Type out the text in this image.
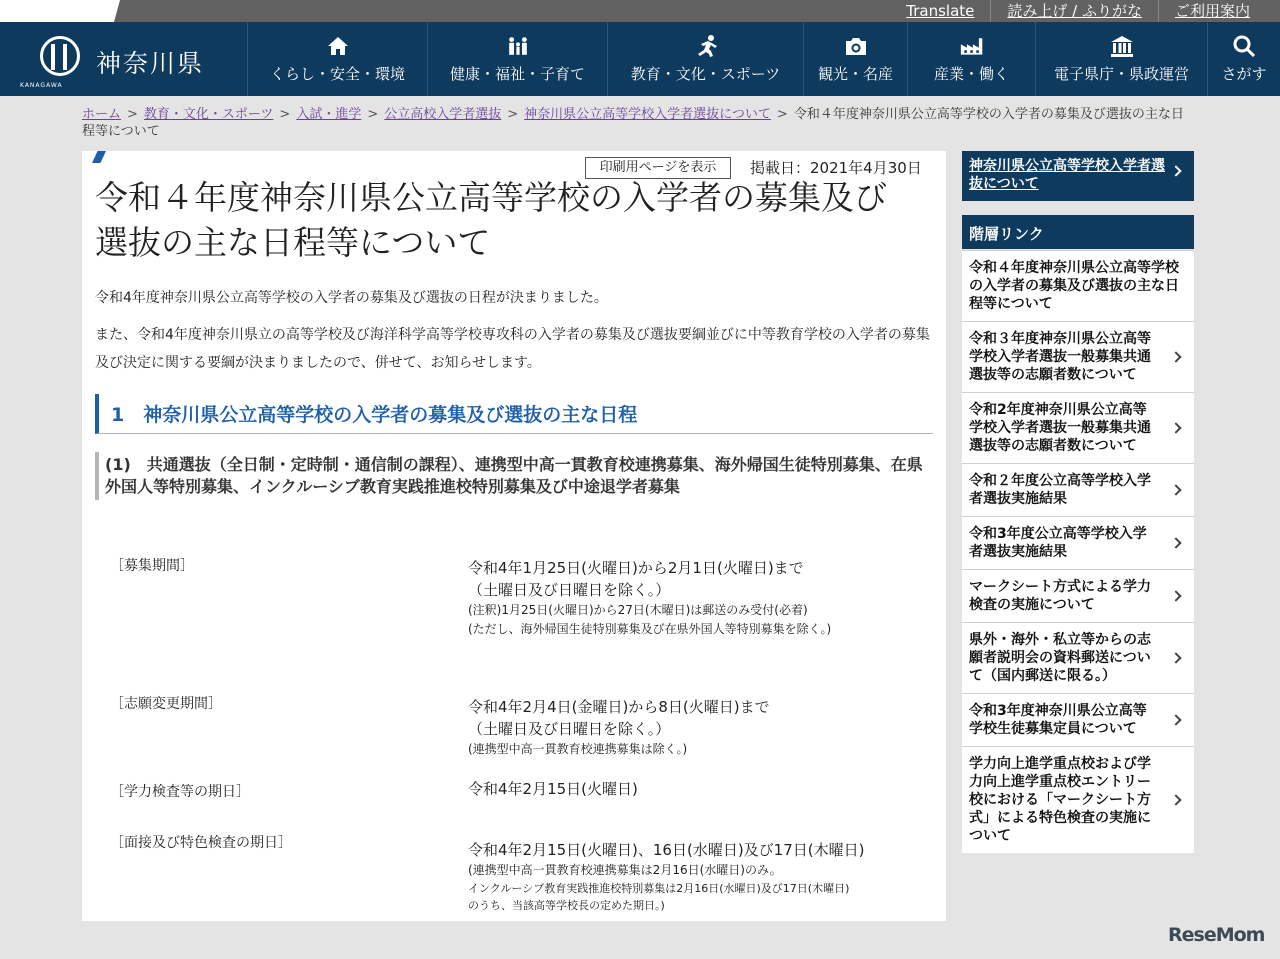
Translate	読み上げ / ふりがな	ご利用案内
KANAGAWA
神奈川県	くらし・安全・環境	健康・福祉・子育て	教育・文化・スポーツ	観光・名産	産業・働く	電子県庁・県政運営 さがす
ホーム > 教育・文化・スポーツ > 入試・進学 > 公立高校入学者選抜 > 神奈川県公立高等学校入学者選抜について > 令和４年度神奈川県公立高等学校の入学者の募集及び選抜の主な日程等について
印刷用ページを表示	掲載日：2021年4月30日
令和４年度神奈川県公立高等学校の入学者の募集及び選抜の主な日程等について

令和4年度神奈川県公立高等学校の入学者の募集及び選抜の日程が決まりました。

また、令和4年度神奈川県立の高等学校及び海洋科学高等学校専攻科の入学者の募集及び選抜要綱並びに中等教育学校の入学者の募集及び決定に関する要綱が決まりましたので、併せて、お知らせします。

1　神奈川県公立高等学校の入学者の募集及び選抜の主な日程
(1)　共通選抜（全日制・定時制・通信制の課程）、連携型中高一貫教育校連携募集、海外帰国生徒特別募集、在県外国人等特別募集、インクルーシブ教育実践推進校特別募集及び中途退学者募集
［募集期間］	令和4年1月25日(火曜日)から2月1日(火曜日)まで
（土曜日及び日曜日を除く。）
(注釈)1月25日(火曜日)から27日(木曜日)は郵送のみ受付(必着)
(ただし、海外帰国生徒特別募集及び在県外国人等特別募集を除く。)
［志願変更期間］	令和4年2月4日(金曜日)から8日(火曜日)まで
（土曜日及び日曜日を除く。）
(連携型中高一貫教育校連携募集は除く。)
［学力検査等の期日］	令和4年2月15日(火曜日)
［面接及び特色検査の期日］	令和4年2月15日(火曜日)、16日(水曜日)及び17日(木曜日)
(連携型中高一貫教育校連携募集は2月16日(水曜日)のみ。
インクルーシブ教育実践推進校特別募集は2月16日(水曜日)及び17日(木曜日)
のうち、当該高等学校長の定めた期日。)
神奈川県公立高等学校入学者選抜について
階層リンク
令和４年度神奈川県公立高等学校の入学者の募集及び選抜の主な日程等について
令和３年度神奈川県公立高等学校入学者選抜一般募集共通選抜等の志願者数について
令和2年度神奈川県公立高等学校入学者選抜一般募集共通選抜等の志願者数について
令和２年度公立高等学校入学者選抜実施結果
令和3年度公立高等学校入学者選抜実施結果
マークシート方式による学力検査の実施について
県外・海外・私立等からの志願者説明会の資料郵送について（国内郵送に限る。）
令和3年度神奈川県公立高等学校生徒募集定員について
学力向上進学重点校および学力向上進学重点校エントリー校における「マークシート方式」による特色検査の実施について
ReseMom
